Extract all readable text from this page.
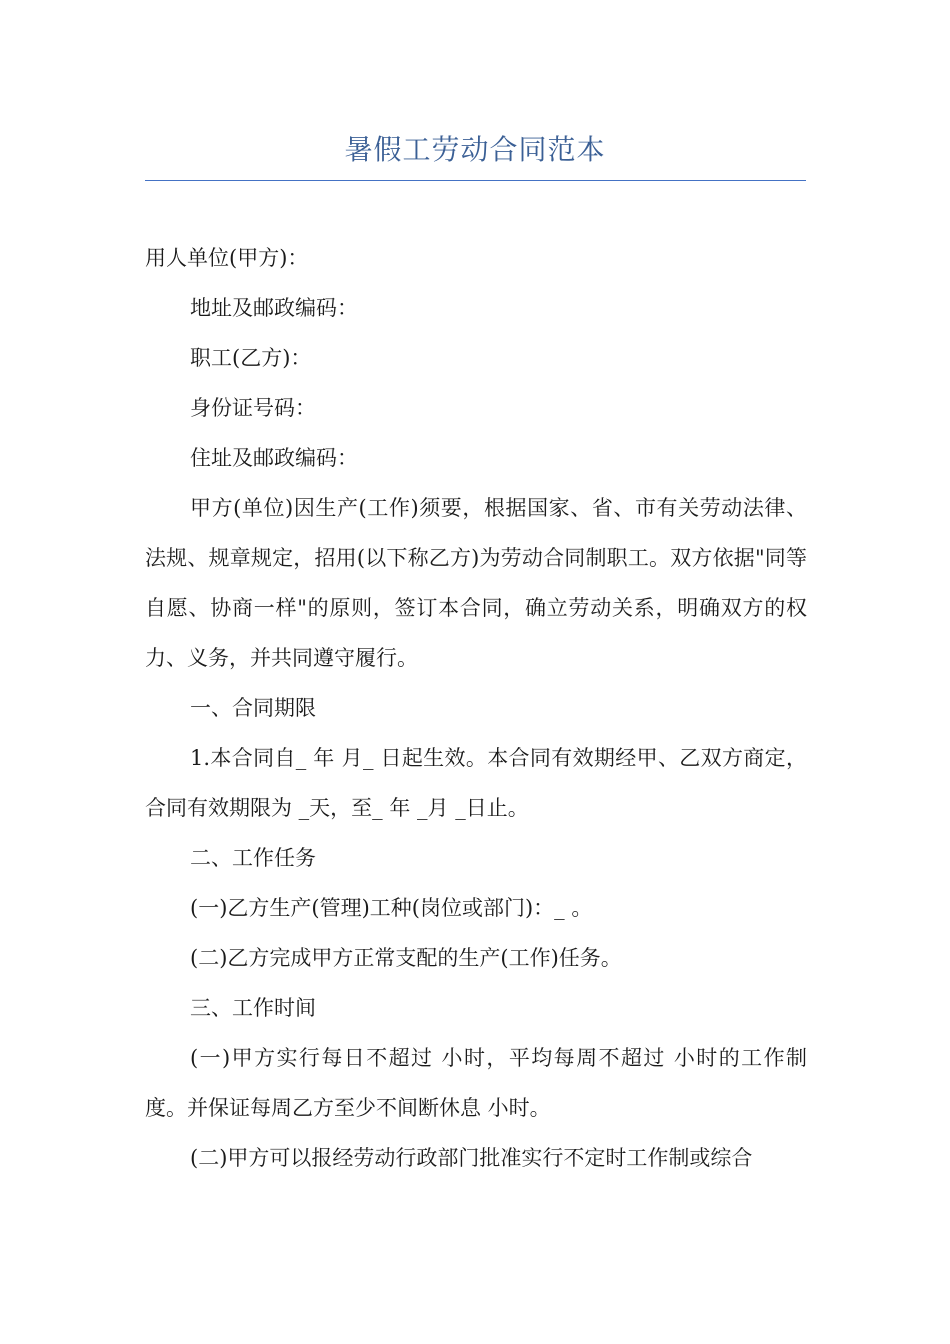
暑假工劳动合同范本

用人单位(甲方)：

地址及邮政编码：

职工(乙方)：

身份证号码：

住址及邮政编码：

甲方(单位)因生产(工作)须要，根据国家、省、市有关劳动法律、法规、规章规定，招用(以下称乙方)为劳动合同制职工。双方依据"同等自愿、协商一样"的原则，签订本合同，确立劳动关系，明确双方的权力、义务，并共同遵守履行。

一、合同期限

1.本合同自_ 年 月_ 日起生效。本合同有效期经甲、乙双方商定，合同有效期限为 _天，至_ 年 _月 _日止。

二、工作任务

(一)乙方生产(管理)工种(岗位或部门)：_ 。

(二)乙方完成甲方正常支配的生产(工作)任务。

三、工作时间

(一)甲方实行每日不超过 小时，平均每周不超过 小时的工作制度。并保证每周乙方至少不间断休息 小时。

(二)甲方可以报经劳动行政部门批准实行不定时工作制或综合
